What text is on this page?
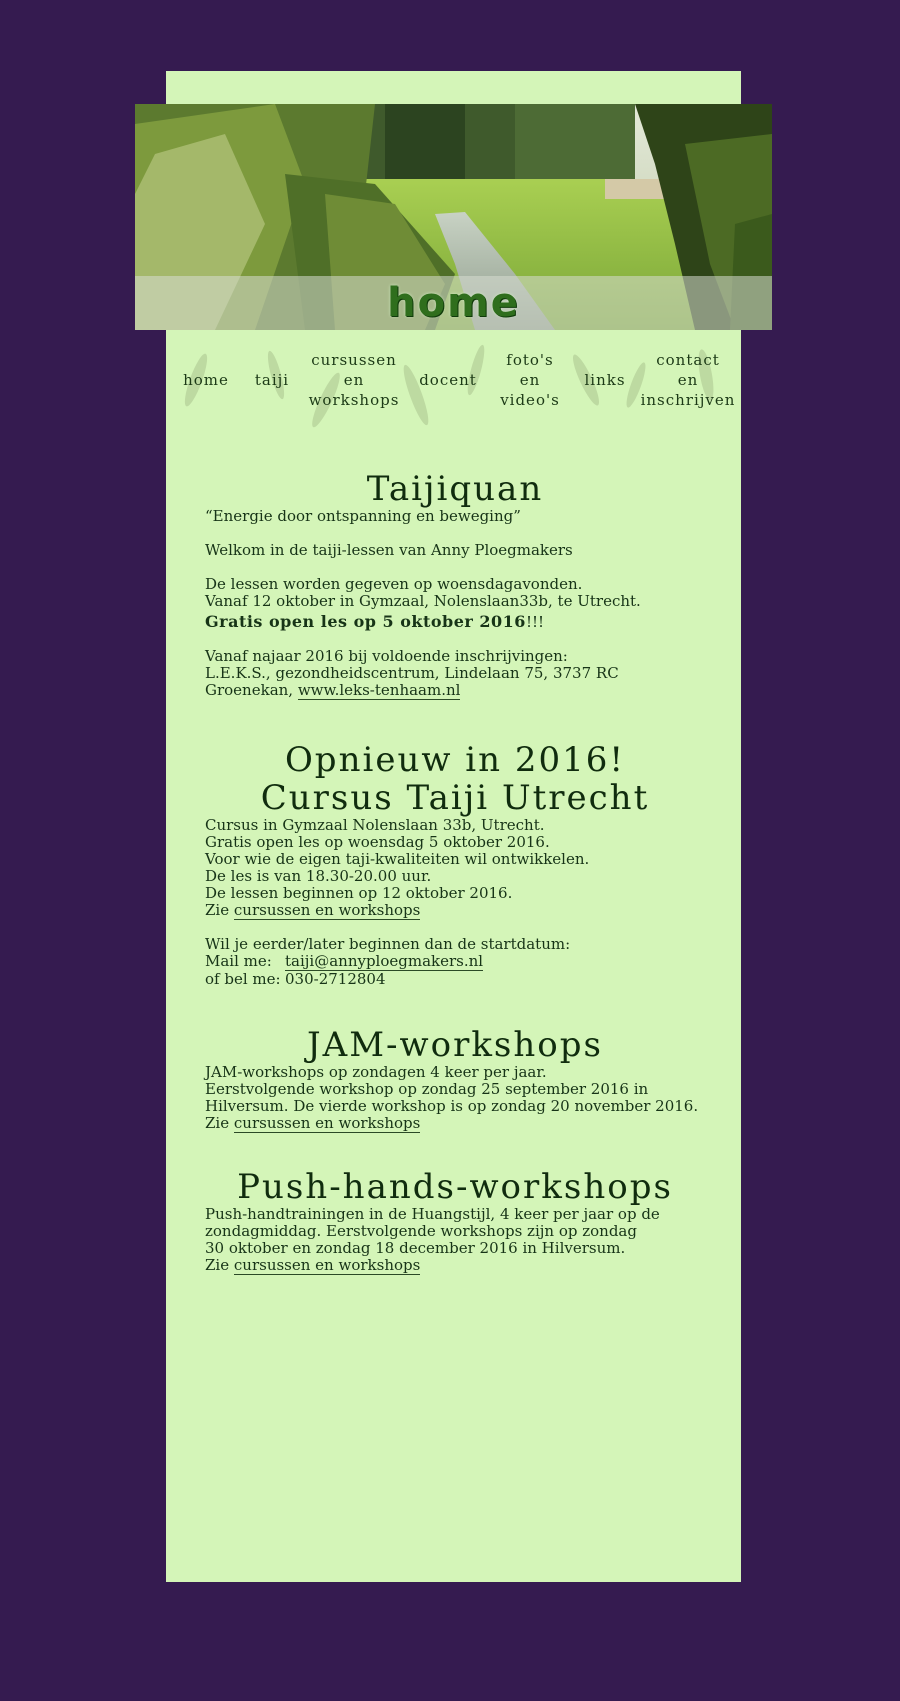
home
home	taiji
cursussen
en
workshops
docent
foto's
en
video's
links
contact
en
inschrijven
Taijiquan

“Energie door ontspanning en beweging”

Welkom in de taiji-lessen van Anny Ploegmakers

De lessen worden gegeven op woensdagavonden.

Vanaf 12 oktober in Gymzaal, Nolenslaan33b, te Utrecht.

Gratis open les op 5 oktober 2016!!!

Vanaf najaar 2016 bij voldoende inschrijvingen:

L.E.K.S., gezondheidscentrum, Lindelaan 75, 3737 RC

Groenekan, www.leks-tenhaam.nl

Opnieuw in 2016!
Cursus Taiji Utrecht

Cursus in Gymzaal Nolenslaan 33b, Utrecht.

Gratis open les op woensdag 5 oktober 2016.

Voor wie de eigen taji-kwaliteiten wil ontwikkelen.

De les is van 18.30-20.00 uur.

De lessen beginnen op 12 oktober 2016.

Zie cursussen en workshops

Wil je eerder/later beginnen dan de startdatum:

Mail me: taiji@annyploegmakers.nl
of bel me: 030-2712804
JAM-workshops

JAM-workshops op zondagen 4 keer per jaar.

Eerstvolgende workshop op zondag 25 september 2016 in

Hilversum. De vierde workshop is op zondag 20 november 2016.

Zie cursussen en workshops

Push-hands-workshops

Push-handtrainingen in de Huangstijl, 4 keer per jaar op de

zondagmiddag. Eerstvolgende workshops zijn op zondag

30 oktober en zondag 18 december 2016 in Hilversum.

Zie cursussen en workshops
